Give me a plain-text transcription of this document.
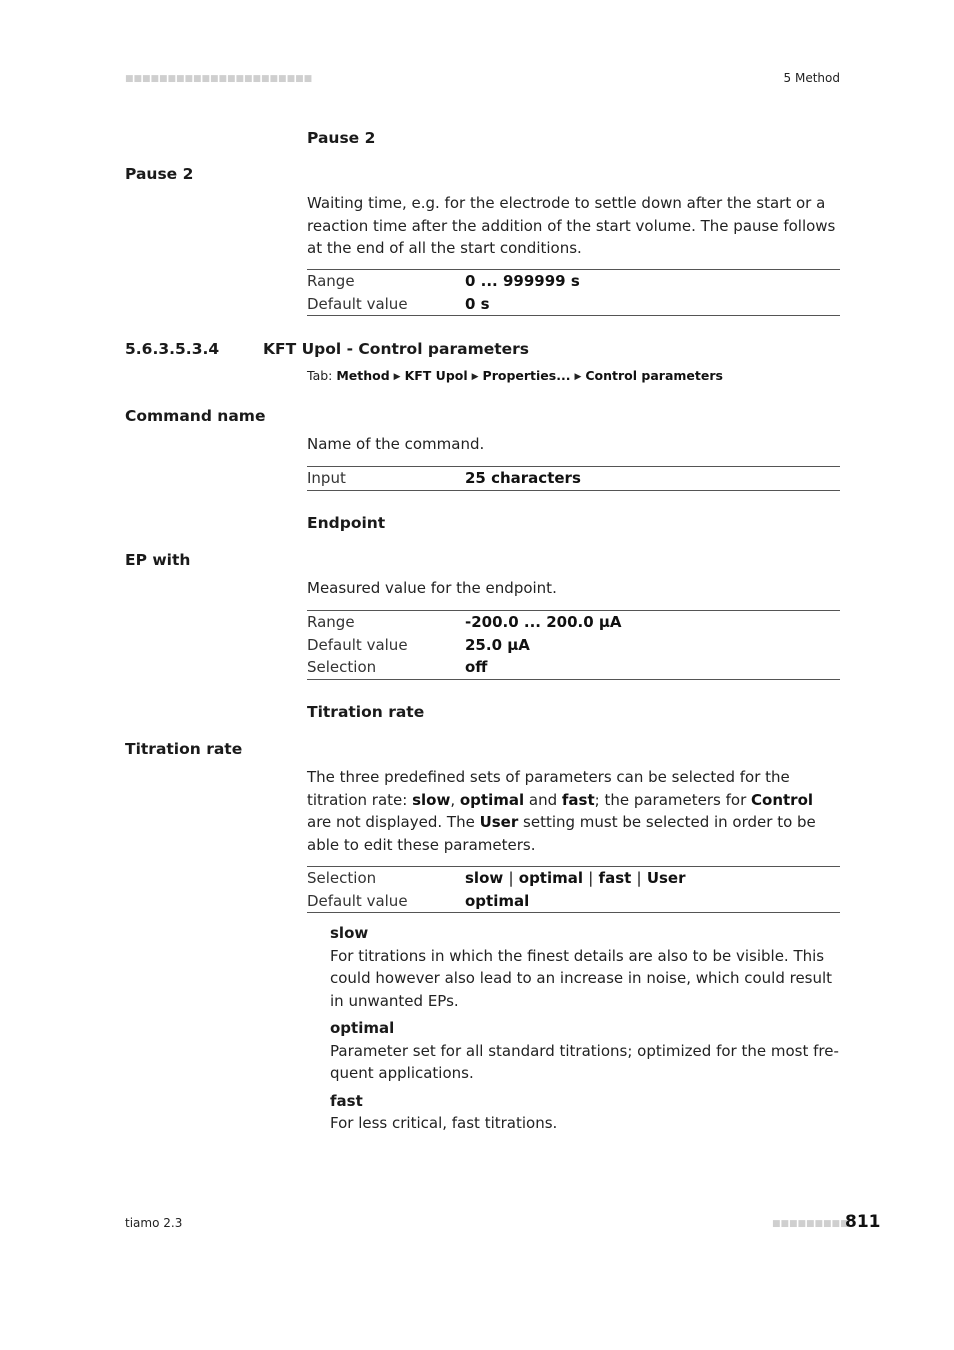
■■■■■■■■■■■■■■■■■■■■■■	5 Method
Pause 2
Pause 2
Waiting time, e.g. for the electrode to settle down after the start or a reaction time after the addition of the start volume. The pause follows at the end of all the start conditions.
Range	0 ... 999999 s
Default value	0 s
5.6.3.5.3.4	KFT Upol - Control parameters
Tab: Method ▶ KFT Upol ▶ Properties... ▶ Control parameters
Command name
Name of the command.
Input	25 characters
Endpoint
EP with
Measured value for the endpoint.
Range	-200.0 ... 200.0 µA
Default value	25.0 µA
Selection	off
Titration rate
Titration rate
The three predefined sets of parameters can be selected for the titration rate: slow, optimal and fast; the parameters for Control are not displayed. The User setting must be selected in order to be able to edit these parameters.
Selection	slow | optimal | fast | User
Default value	optimal
slow
For titrations in which the finest details are also to be visible. This could however also lead to an increase in noise, which could result in unwanted EPs.
optimal
Parameter set for all standard titrations; optimized for the most frequent applications.
fast
For less critical, fast titrations.
tiamo 2.3	■■■■■■■■■
811
